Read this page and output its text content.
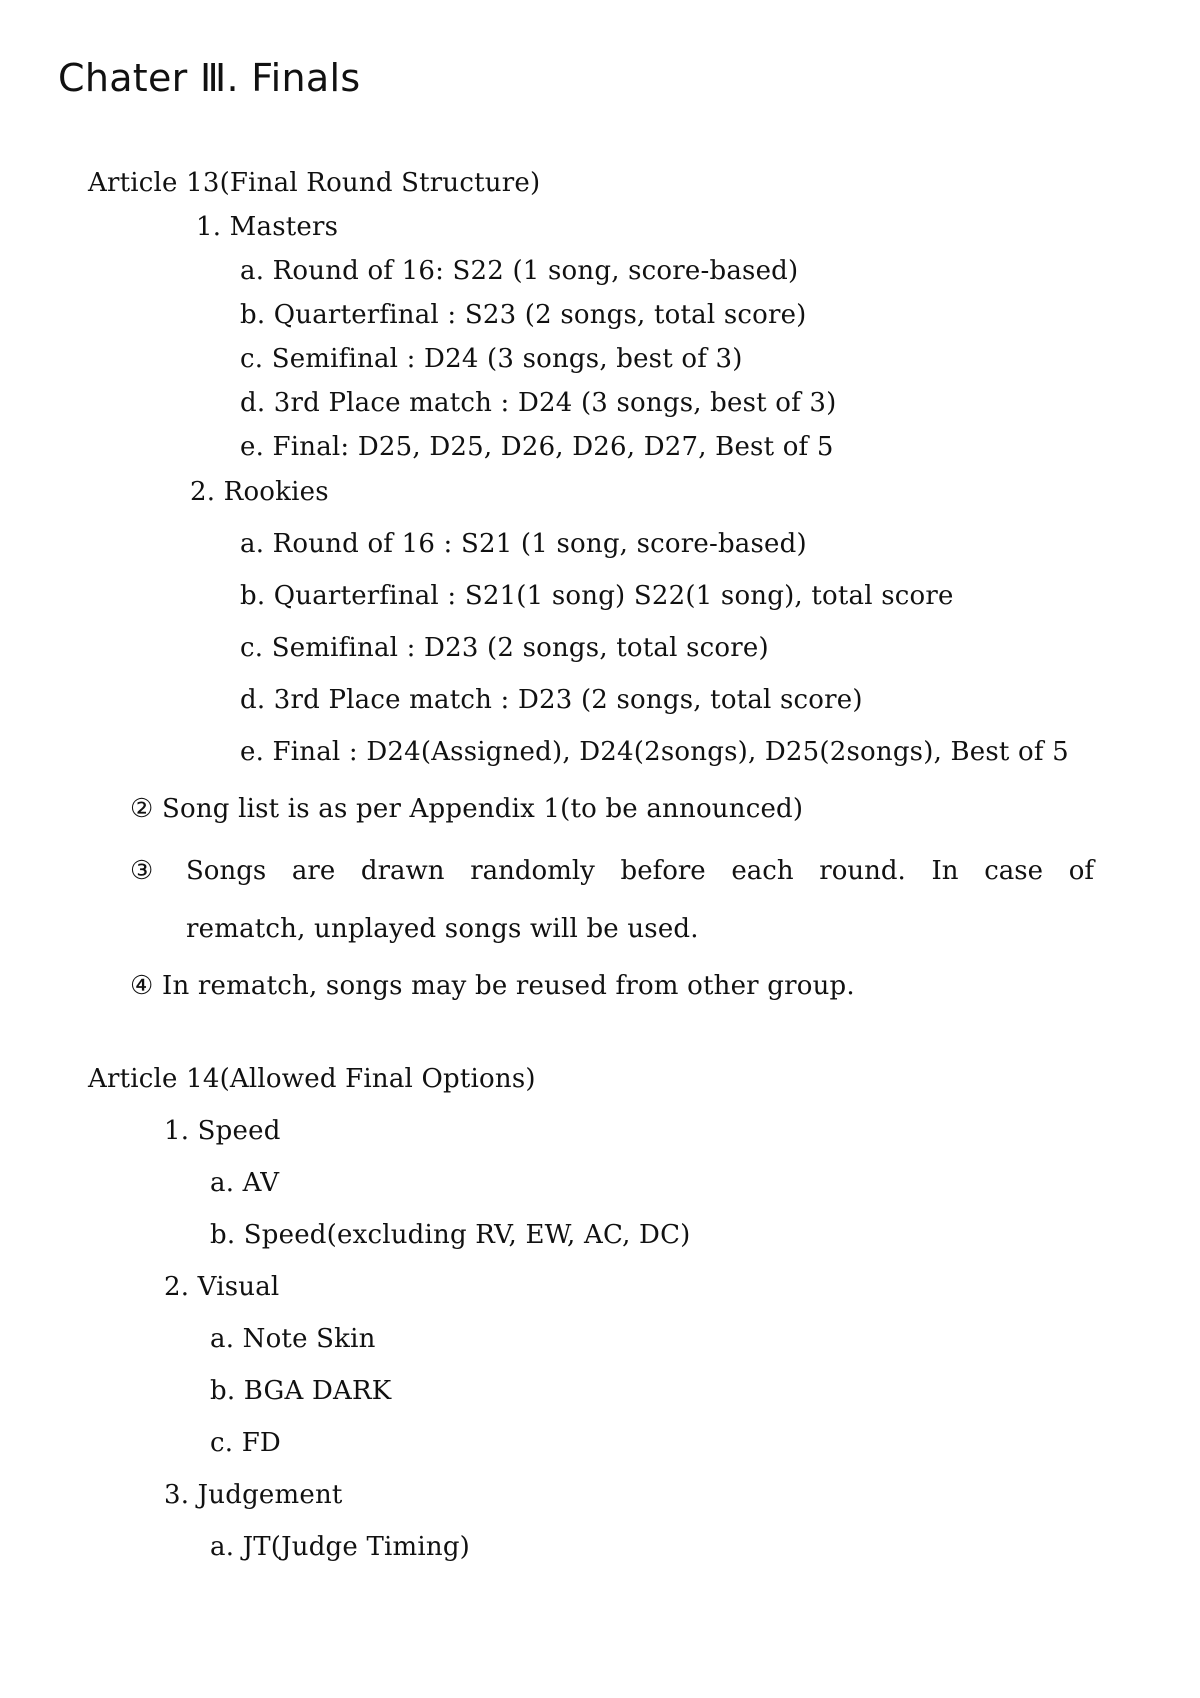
Chater Ⅲ. Finals
Article 13(Final Round Structure)
1. Masters
a. Round of 16: S22 (1 song, score-based)
b. Quarterfinal : S23 (2 songs, total score)
c. Semifinal : D24 (3 songs, best of 3)
d. 3rd Place match : D24 (3 songs, best of 3)
e. Final: D25, D25, D26, D26, D27, Best of 5
2. Rookies
a. Round of 16 : S21 (1 song, score-based)
b. Quarterfinal : S21(1 song) S22(1 song), total score
c. Semifinal : D23 (2 songs, total score)
d. 3rd Place match : D23 (2 songs, total score)
e. Final : D24(Assigned), D24(2songs), D25(2songs), Best of 5
② Song list is as per Appendix 1(to be announced)
③ Songs are drawn randomly before each round. In case of
rematch, unplayed songs will be used.
④ In rematch, songs may be reused from other group.
Article 14(Allowed Final Options)
1. Speed
a. AV
b. Speed(excluding RV, EW, AC, DC)
2. Visual
a. Note Skin
b. BGA DARK
c. FD
3. Judgement
a. JT(Judge Timing)
